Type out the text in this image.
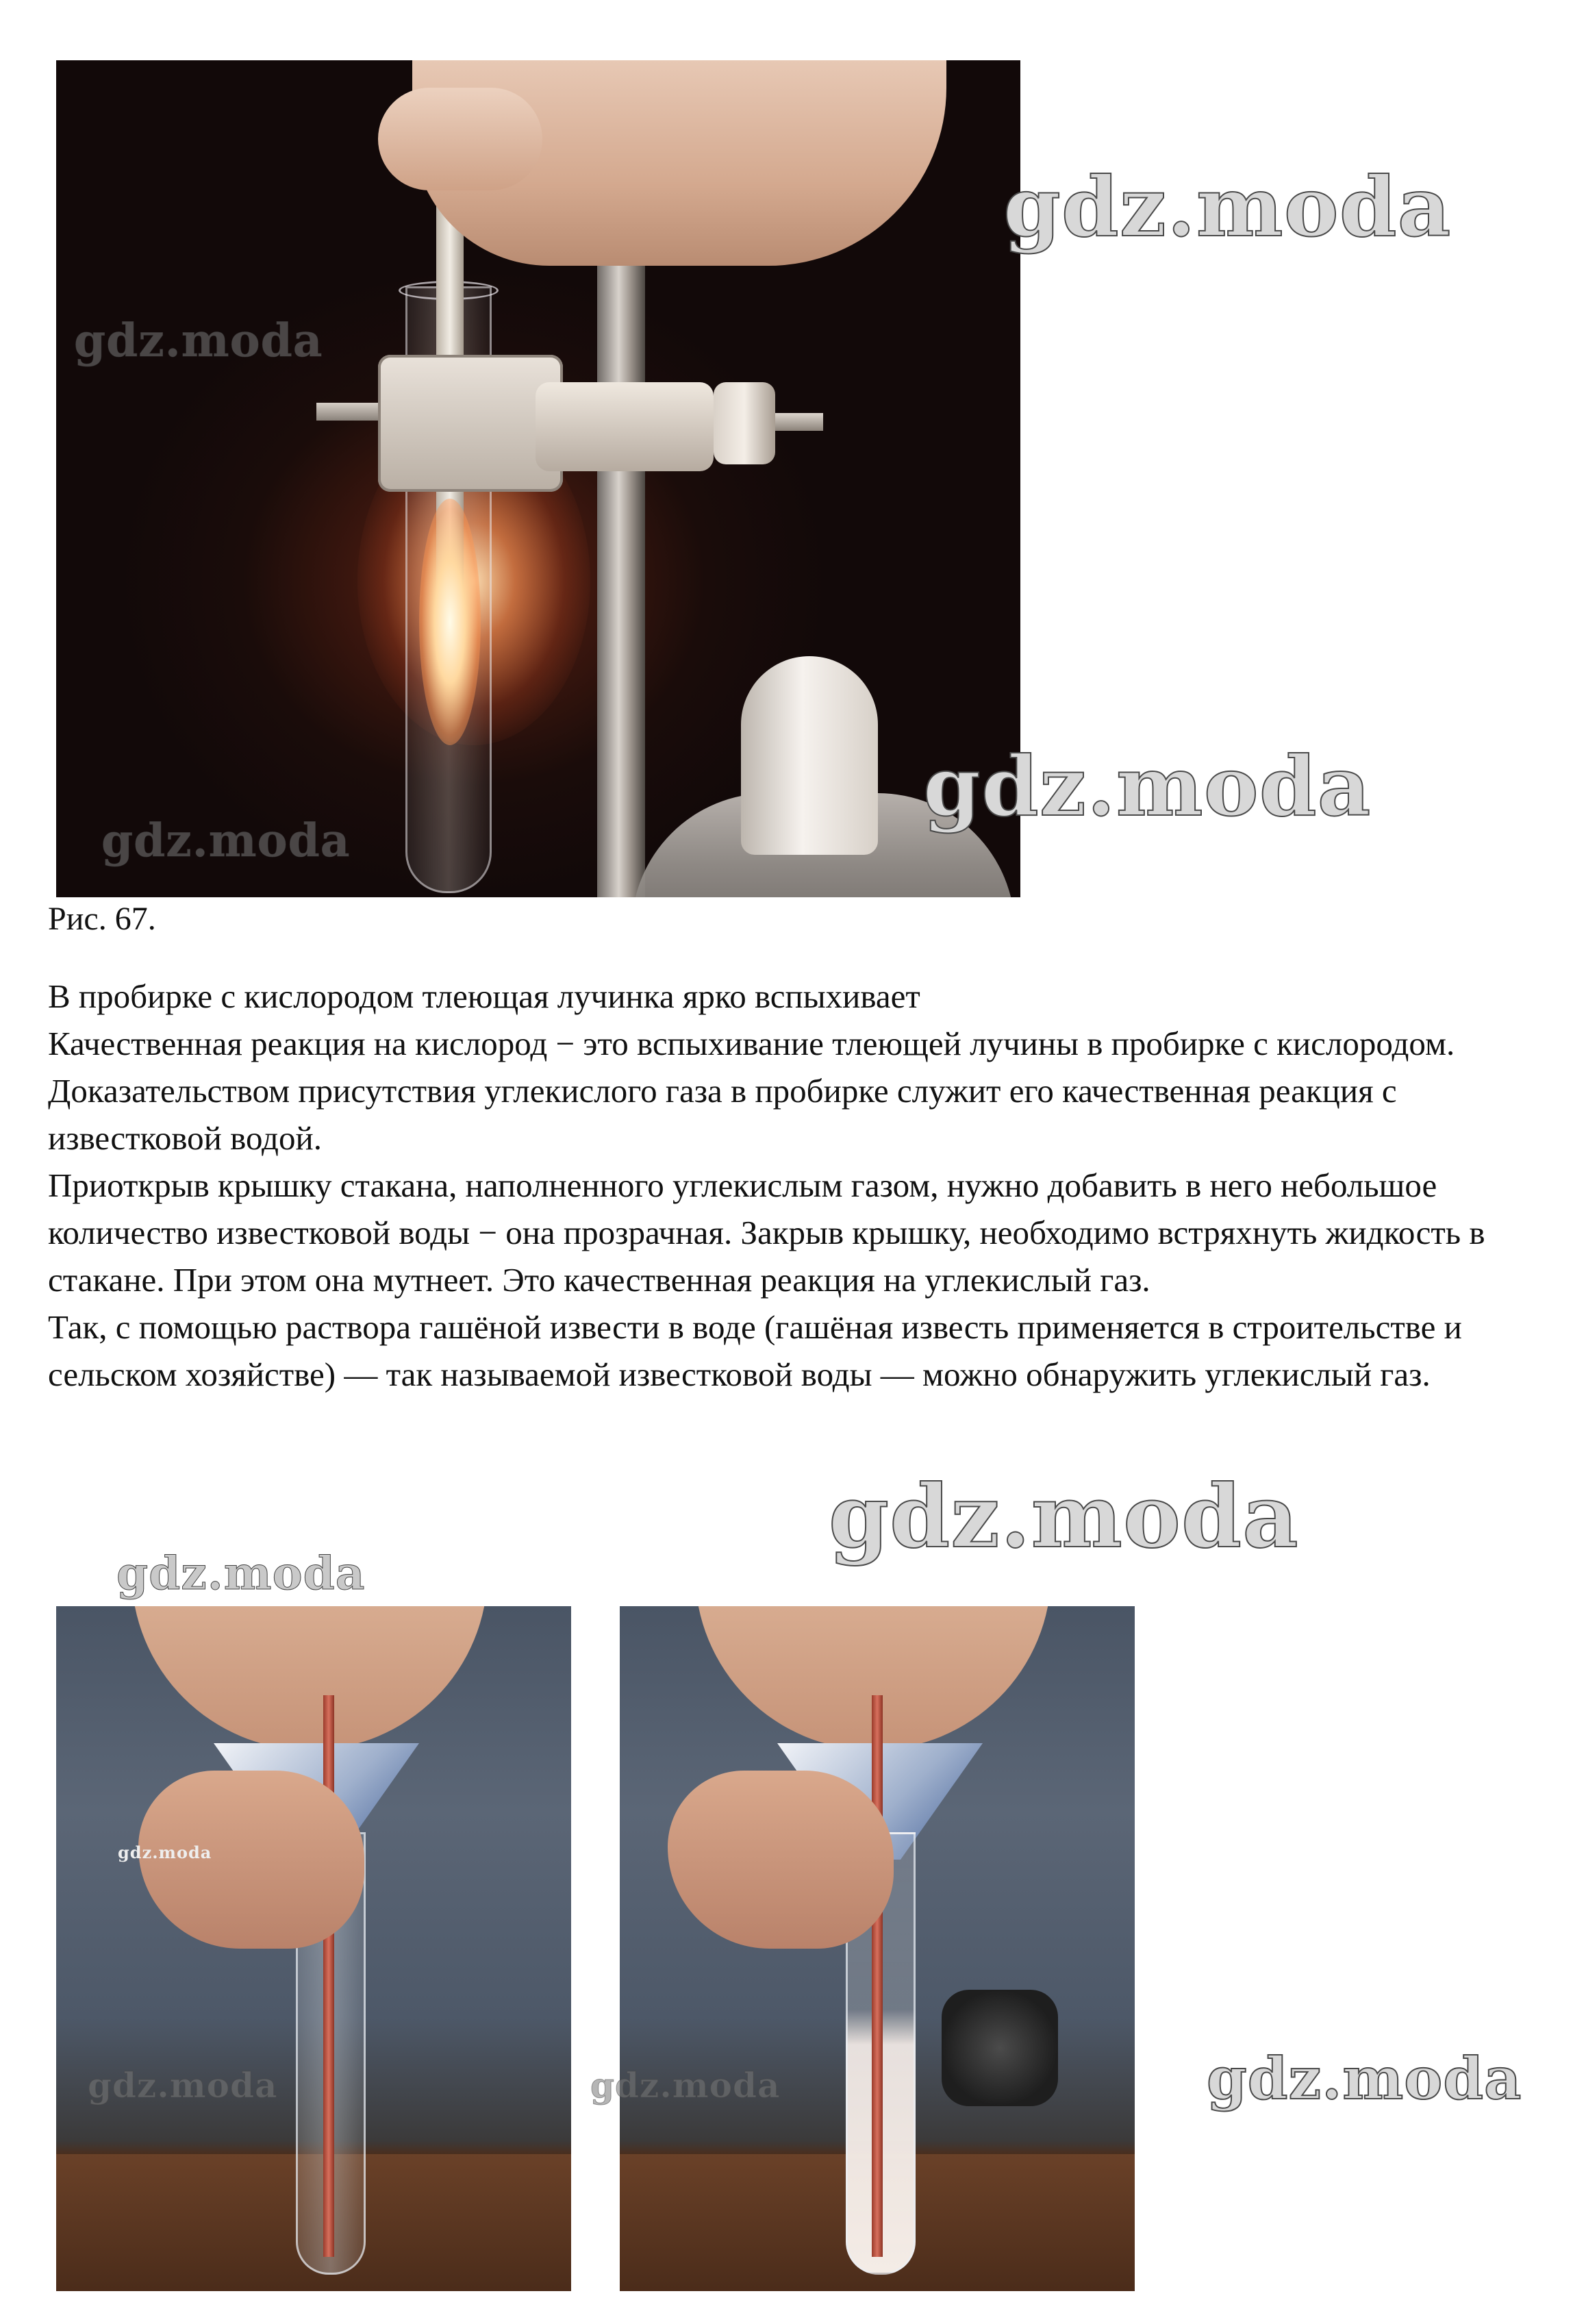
Рис. 67.

В пробирке с кислородом тлеющая лучинка ярко вспыхивает

Качественная реакция на кислород − это вспыхивание тлеющей лучины в пробирке с кислородом.

Доказательством присутствия углекислого газа в пробирке служит его качественная реакция с известковой водой.

Приоткрыв крышку стакана, наполненного углекислым газом, нужно добавить в него небольшое количество известковой воды − она прозрачная. Закрыв крышку, необходимо встряхнуть жидкость в стакане. При этом она мутнеет. Это качественная реакция на углекислый газ.

Так, с помощью раствора гашёной извести в воде (гашёная известь применяется в строительстве и сельском хозяйстве) — так называемой известковой воды — можно обнаружить углекислый газ.

gdz.moda
gdz.moda
gdz.moda
gdz.moda
gdz.moda
gdz.moda
gdz.moda
gdz.moda	gdz.moda	gdz.moda
